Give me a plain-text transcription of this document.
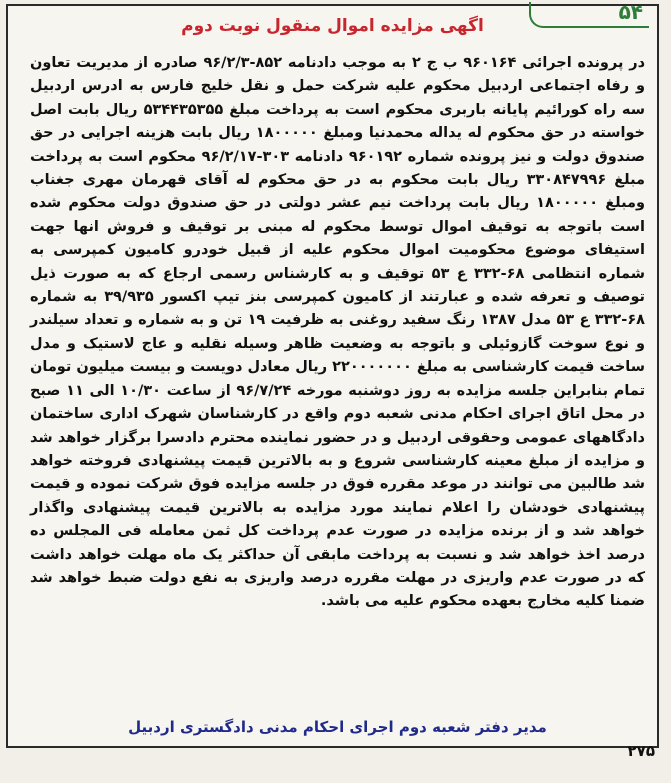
۵۴
اگهی مزایده اموال منقول نوبت دوم
در پرونده اجرائی ۹۶۰۱۶۴ ب ج ۲ به موجب دادنامه ۸۵۲-۹۶/۲/۳ صادره از مدیریت تعاون و رفاه اجتماعی اردبیل محکوم علیه شرکت حمل و نقل خلیج فارس به ادرس اردبیل سه راه کورائیم پایانه باربری محکوم است به پرداخت مبلغ ۵۳۴۴۳۵۳۵۵ ریال بابت اصل خواسته در حق محکوم له یداله محمدنیا ومبلغ ۱۸۰۰۰۰۰ ریال بابت هزینه اجرایی در حق صندوق دولت و نیز پرونده شماره ۹۶۰۱۹۲ دادنامه ۳۰۳-۹۶/۲/۱۷ محکوم است به پرداخت مبلغ ۳۳۰۸۴۷۹۹۶ ریال بابت محکوم به در حق محکوم له آقای قهرمان مهری جغناب ومبلغ ۱۸۰۰۰۰۰ ریال بابت پرداخت نیم عشر دولتی در حق صندوق دولت محکوم شده است باتوجه به توقیف اموال توسط محکوم له مبنی بر توقیف و فروش انها جهت استیفای موضوع محکومیت اموال محکوم علیه از قبیل خودرو کامیون کمپرسی به شماره انتظامی ۶۸-۳۳۲ ع ۵۳ توقیف و به کارشناس رسمی ارجاع که به صورت ذیل توصیف و تعرفه شده و عبارتند از کامیون کمپرسی بنز تیپ اکسور ۳۹/۹۳۵ به شماره ۶۸-۳۳۲ ع ۵۳ مدل ۱۳۸۷ رنگ سفید روغنی به ظرفیت ۱۹ تن و به شماره و تعداد سیلندر و نوع سوخت گازوئیلی و باتوجه به وضعیت ظاهر وسیله نقلیه و عاج لاستیک و مدل ساخت قیمت کارشناسی به مبلغ ۲۲۰۰۰۰۰۰۰ ریال معادل دویست و بیست میلیون تومان تمام بنابراین جلسه مزایده به روز دوشنبه مورخه ۹۶/۷/۲۴ از ساعت ۱۰/۳۰ الی ۱۱ صبح در محل اتاق اجرای احکام مدنی شعبه دوم واقع در کارشناسان شهرک اداری ساختمان دادگاههای عمومی وحقوقی اردبیل و در حضور نماینده محترم دادسرا برگزار خواهد شد و مزایده از مبلغ معینه کارشناسی شروع و به بالاترین قیمت پیشنهادی فروخته خواهد شد طالبین می توانند در موعد مقرره فوق در جلسه مزایده فوق شرکت نموده و قیمت پیشنهادی خودشان را اعلام نمایند مورد مزایده به بالاترین قیمت پیشنهادی واگذار خواهد شد و از برنده مزایده در صورت عدم پرداخت کل ثمن معامله فی المجلس ده درصد اخذ خواهد شد و نسبت به پرداخت مابقی آن حداکثر یک ماه مهلت خواهد داشت که در صورت عدم واریزی در مهلت مقرره درصد واریزی به نفع دولت ضبط خواهد شد ضمنا کلیه مخارج بعهده محکوم علیه می باشد.
مدیر دفتر شعبه دوم اجرای احکام مدنی دادگستری اردبیل
۲۷۵
